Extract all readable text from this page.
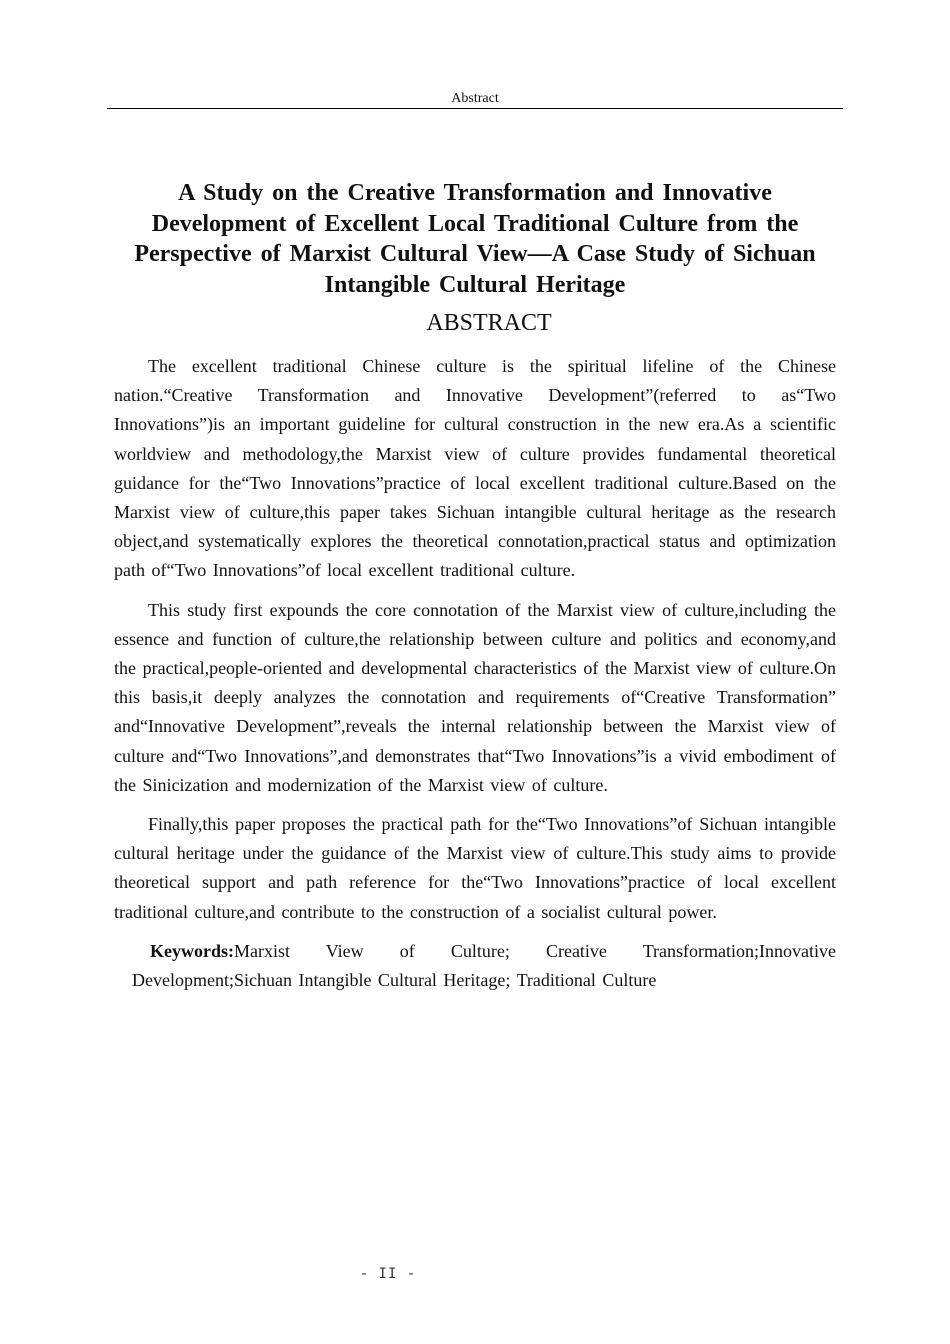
Abstract
A Study on the Creative Transformation and Innovative Development of Excellent Local Traditional Culture from the Perspective of Marxist Cultural View—A Case Study of Sichuan Intangible Cultural Heritage
ABSTRACT

The excellent traditional Chinese culture is the spiritual lifeline of the Chinese nation.“Creative Transformation and Innovative Development”(referred to as“Two Innovations”)is an important guideline for cultural construction in the new era.As a scientific worldview and methodology,the Marxist view of culture provides fundamental theoretical guidance for the“Two Innovations”practice of local excellent traditional culture.Based on the Marxist view of culture,this paper takes Sichuan intangible cultural heritage as the research object,and systematically explores the theoretical connotation,practical status and optimization path of“Two Innovations”of local excellent traditional culture.

This study first expounds the core connotation of the Marxist view of culture,including the essence and function of culture,the relationship between culture and politics and economy,and the practical,people-oriented and developmental characteristics of the Marxist view of culture.On this basis,it deeply analyzes the connotation and requirements of“Creative Transformation” and“Innovative Development”,reveals the internal relationship between the Marxist view of culture and“Two Innovations”,and demonstrates that“Two Innovations”is a vivid embodiment of the Sinicization and modernization of the Marxist view of culture.

Finally,this paper proposes the practical path for the“Two Innovations”of Sichuan intangible cultural heritage under the guidance of the Marxist view of culture.This study aims to provide theoretical support and path reference for the“Two Innovations”practice of local excellent traditional culture,and contribute to the construction of a socialist cultural power.

Keywords:Marxist View of Culture; Creative Transformation;Innovative Development;Sichuan Intangible Cultural Heritage; Traditional Culture
- II -
